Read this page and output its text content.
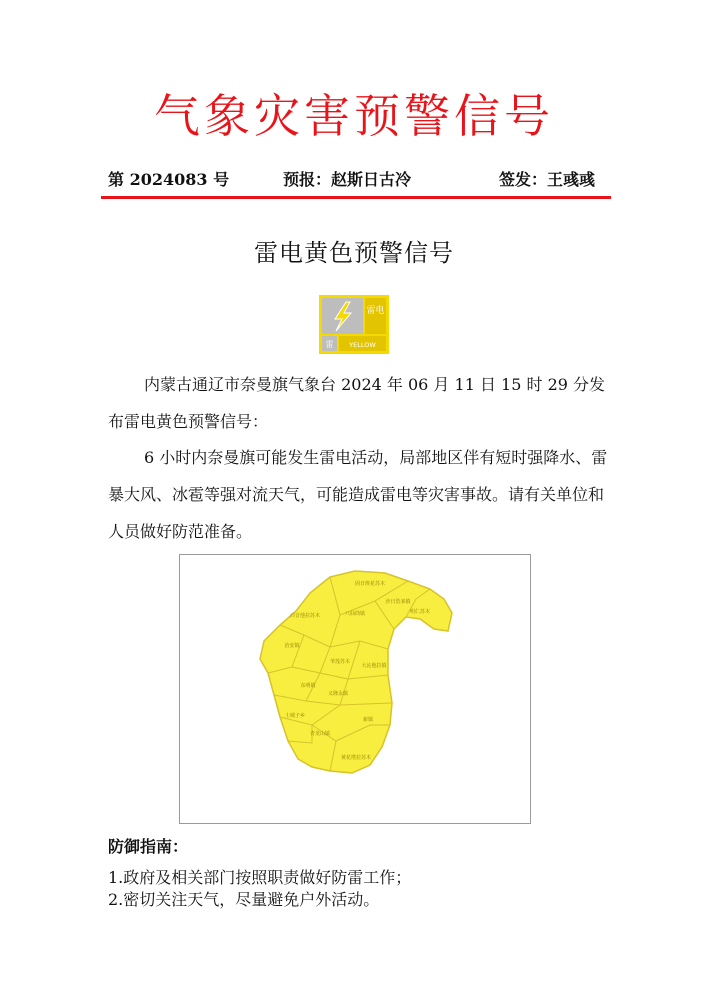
气象灾害预警信号
第 2024083 号	预报：赵斯日古冷	签发：王彧彧
雷电黄色预警信号
雷电
雷 YELLOW
内蒙古通辽市奈曼旗气象台 2024 年 06 月 11 日 15 时 29 分发布雷电黄色预警信号：
6 小时内奈曼旗可能发生雷电活动，局部地区伴有短时强降水、雷暴大风、冰雹等强对流天气，可能造成雷电等灾害事故。请有关单位和人员做好防范准备。
固日班花苏木
八仙筒镇	明仁苏木
沙日浩来镇
白音他拉苏木
治安镇
苇莲苏木
大沁他拉镇
东明镇
义隆永镇
新镇
土城子乡
青龙山镇
黄花塔拉苏木
防御指南：
1.政府及相关部门按照职责做好防雷工作；
2.密切关注天气，尽量避免户外活动。
